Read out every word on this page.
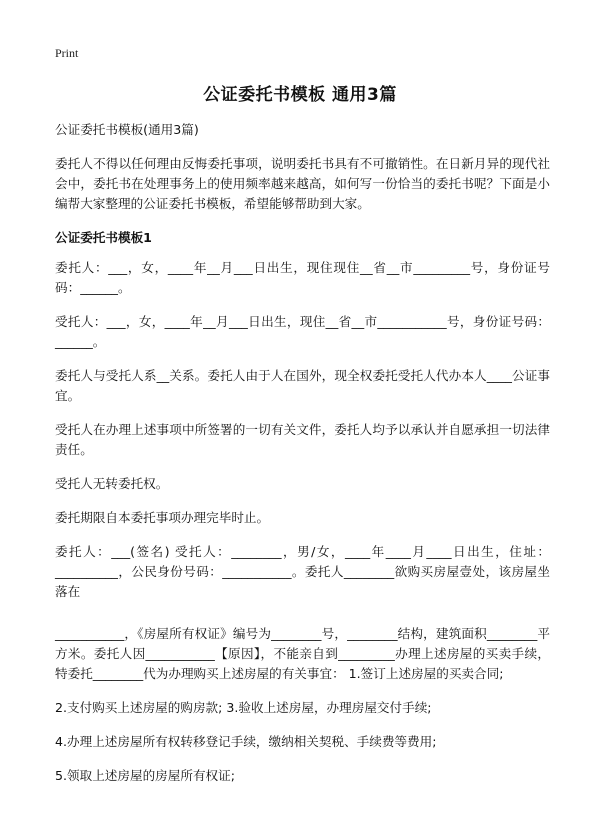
Print
公证委托书模板 通用3篇

公证委托书模板(通用3篇)

委托人不得以任何理由反悔委托事项，说明委托书具有不可撤销性。在日新月异的现代社会中，委托书在处理事务上的使用频率越来越高，如何写一份恰当的委托书呢？下面是小编帮大家整理的公证委托书模板，希望能够帮助到大家。

公证委托书模板1

委托人：___，女，____年__月___日出生，现住现住__省__市_________号，身份证号码：______。

受托人：___，女，____年__月___日出生，现住__省__市___________号，身份证号码：______。

委托人与受托人系__关系。委托人由于人在国外，现全权委托受托人代办本人____公证事宜。

受托人在办理上述事项中所签署的一切有关文件，委托人均予以承认并自愿承担一切法律责任。

受托人无转委托权。

委托期限自本委托事项办理完毕时止。

委托人：___(签名) 受托人：________，男/女，____年____月____日出生，住址：__________，公民身份号码：___________。委托人________欲购买房屋壹处，该房屋坐落在

___________，《房屋所有权证》编号为________号，________结构，建筑面积________平方米。委托人因___________【原因】，不能亲自到_________办理上述房屋的买卖手续，特委托________代为办理购买上述房屋的有关事宜： 1.签订上述房屋的买卖合同;

2.支付购买上述房屋的购房款; 3.验收上述房屋，办理房屋交付手续;

4.办理上述房屋所有权转移登记手续，缴纳相关契税、手续费等费用;

5.领取上述房屋的房屋所有权证;
